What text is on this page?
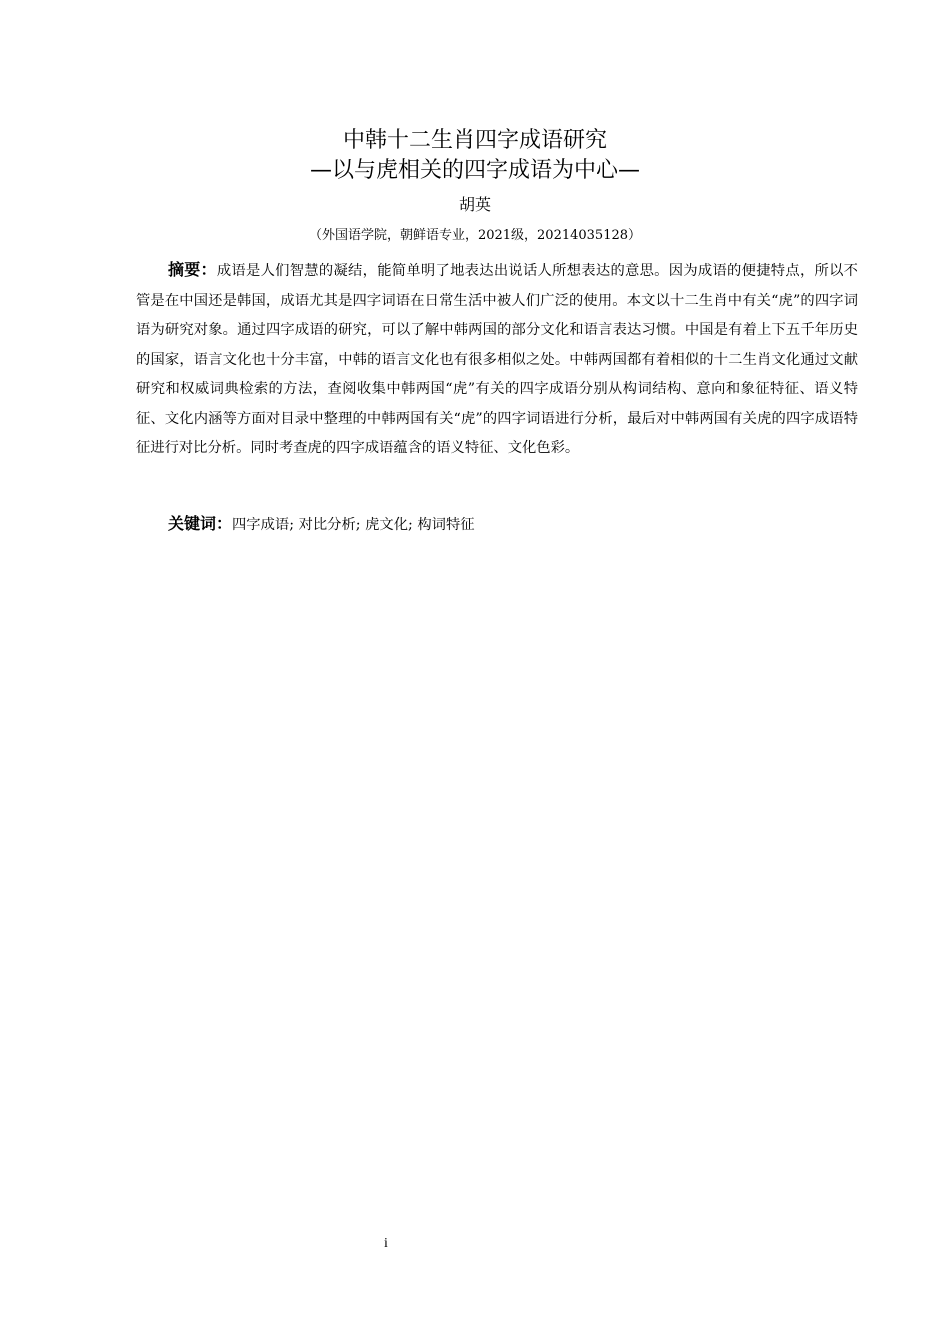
中韩十二生肖四字成语研究
—以与虎相关的四字成语为中心—
胡英
（外国语学院，朝鲜语专业，2021级，20214035128）

摘要：成语是人们智慧的凝结，能简单明了地表达出说话人所想表达的意思。因为成语的便捷特点，所以不管是在中国还是韩国，成语尤其是四字词语在日常生活中被人们广泛的使用。本文以十二生肖中有关“虎”的四字词语为研究对象。通过四字成语的研究，可以了解中韩两国的部分文化和语言表达习惯。中国是有着上下五千年历史的国家，语言文化也十分丰富，中韩的语言文化也有很多相似之处。中韩两国都有着相似的十二生肖文化通过文献研究和权威词典检索的方法，查阅收集中韩两国“虎”有关的四字成语分别从构词结构、意向和象征特征、语义特征、文化内涵等方面对目录中整理的中韩两国有关“虎”的四字词语进行分析，最后对中韩两国有关虎的四字成语特征进行对比分析。同时考查虎的四字成语蕴含的语义特征、文化色彩。

关键词：四字成语; 对比分析; 虎文化; 构词特征

i
